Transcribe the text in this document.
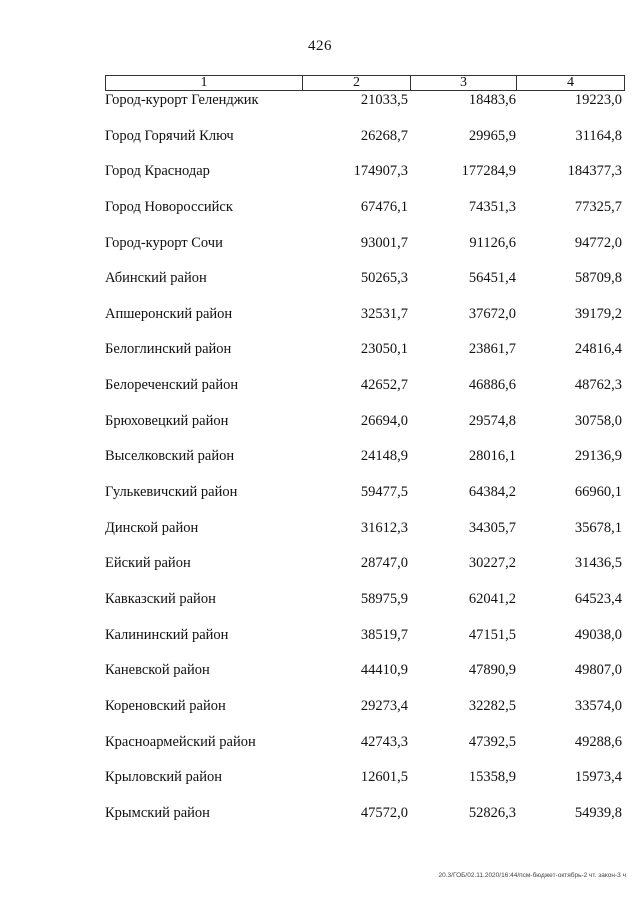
426
1	2	3	4
Город-курорт Геленджик	21033,5	18483,6	19223,0
Город Горячий Ключ	26268,7	29965,9	31164,8
Город Краснодар	174907,3	177284,9	184377,3
Город Новороссийск	67476,1	74351,3	77325,7
Город-курорт Сочи	93001,7	91126,6	94772,0
Абинский район	50265,3	56451,4	58709,8
Апшеронский район	32531,7	37672,0	39179,2
Белоглинский район	23050,1	23861,7	24816,4
Белореченский район	42652,7	46886,6	48762,3
Брюховецкий район	26694,0	29574,8	30758,0
Выселковский район	24148,9	28016,1	29136,9
Гулькевичский район	59477,5	64384,2	66960,1
Динской район	31612,3	34305,7	35678,1
Ейский район	28747,0	30227,2	31436,5
Кавказский район	58975,9	62041,2	64523,4
Калининский район	38519,7	47151,5	49038,0
Каневской район	44410,9	47890,9	49807,0
Кореновский район	29273,4	32282,5	33574,0
Красноармейский район	42743,3	47392,5	49288,6
Крыловский район	12601,5	15358,9	15973,4
Крымский район	47572,0	52826,3	54939,8
20.3/ГОБ/02.11.2020/16:44/псм-бюджет-октябрь-2 чт. закон-3 ч
